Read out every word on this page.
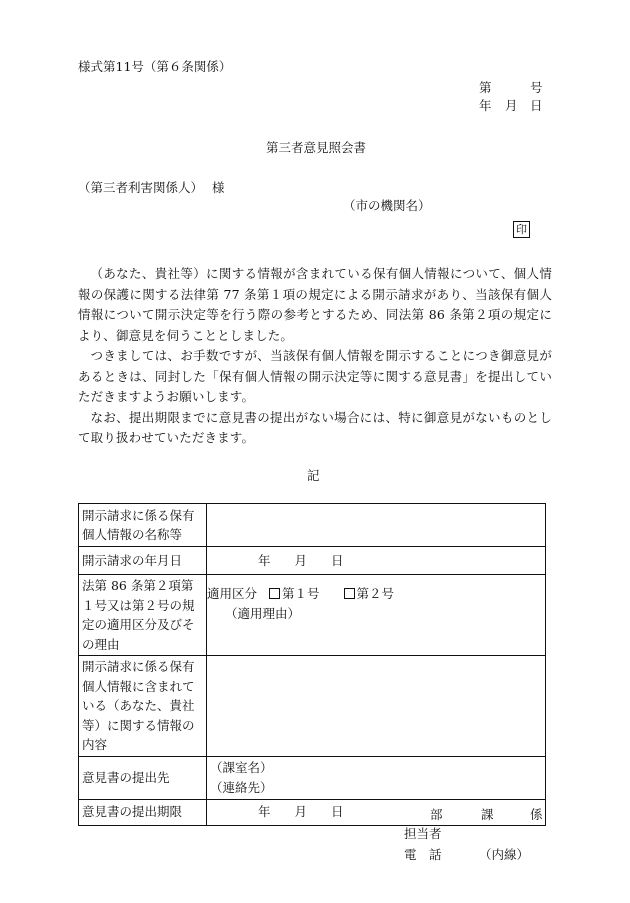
様式第11号（第６条関係）
第	号
年 月 日
第三者意見照会書
（第三者利害関係人） 様
（市の機関名）
印

（あなた、貴社等）に関する情報が含まれている保有個人情報について、個人情報の保護に関する法律第 77 条第１項の規定による開示請求があり、当該保有個人情報について開示決定等を行う際の参考とするため、同法第 86 条第２項の規定により、御意見を伺うこととしました。

つきましては、お手数ですが、当該保有個人情報を開示することにつき御意見があるときは、同封した「保有個人情報の開示決定等に関する意見書」を提出していただきますようお願いします。

なお、提出期限までに意見書の提出がない場合には、特に御意見がないものとして取り扱わせていただきます。

記
開示請求に係る保有個人情報の名称等	
開示請求の年月日	年 月 日
法第 86 条第２項第１号又は第２号の規定の適用区分及びその理由	適用区分 第１号 第２号
（適用理由）

開示請求に係る保有個人情報に含まれている（あなた、貴社等）に関する情報の内容	
意見書の提出先	（課室名）
（連絡先）

意見書の提出期限	年 月 日	部	課	係
担当者
電　話	（内線）
